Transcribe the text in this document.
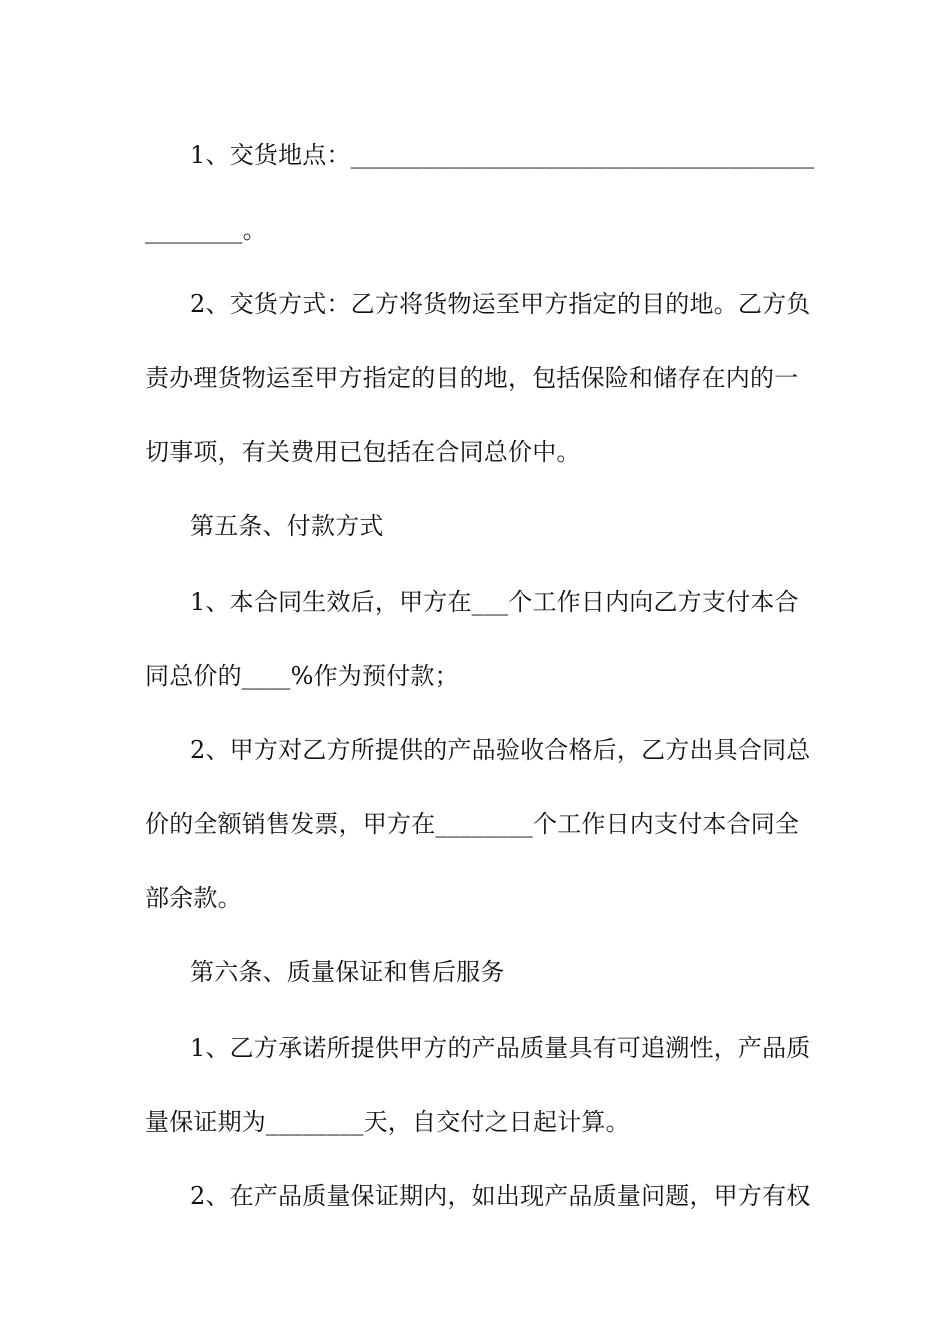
1、交货地点：______________________________________
________。
2、交货方式：乙方将货物运至甲方指定的目的地。乙方负
责办理货物运至甲方指定的目的地，包括保险和储存在内的一
切事项，有关费用已包括在合同总价中。
第五条、付款方式
1、本合同生效后，甲方在___个工作日内向乙方支付本合
同总价的____%作为预付款；
2、甲方对乙方所提供的产品验收合格后，乙方出具合同总
价的全额销售发票，甲方在________个工作日内支付本合同全
部余款。
第六条、质量保证和售后服务
1、乙方承诺所提供甲方的产品质量具有可追溯性，产品质
量保证期为________天，自交付之日起计算。
2、在产品质量保证期内，如出现产品质量问题，甲方有权
